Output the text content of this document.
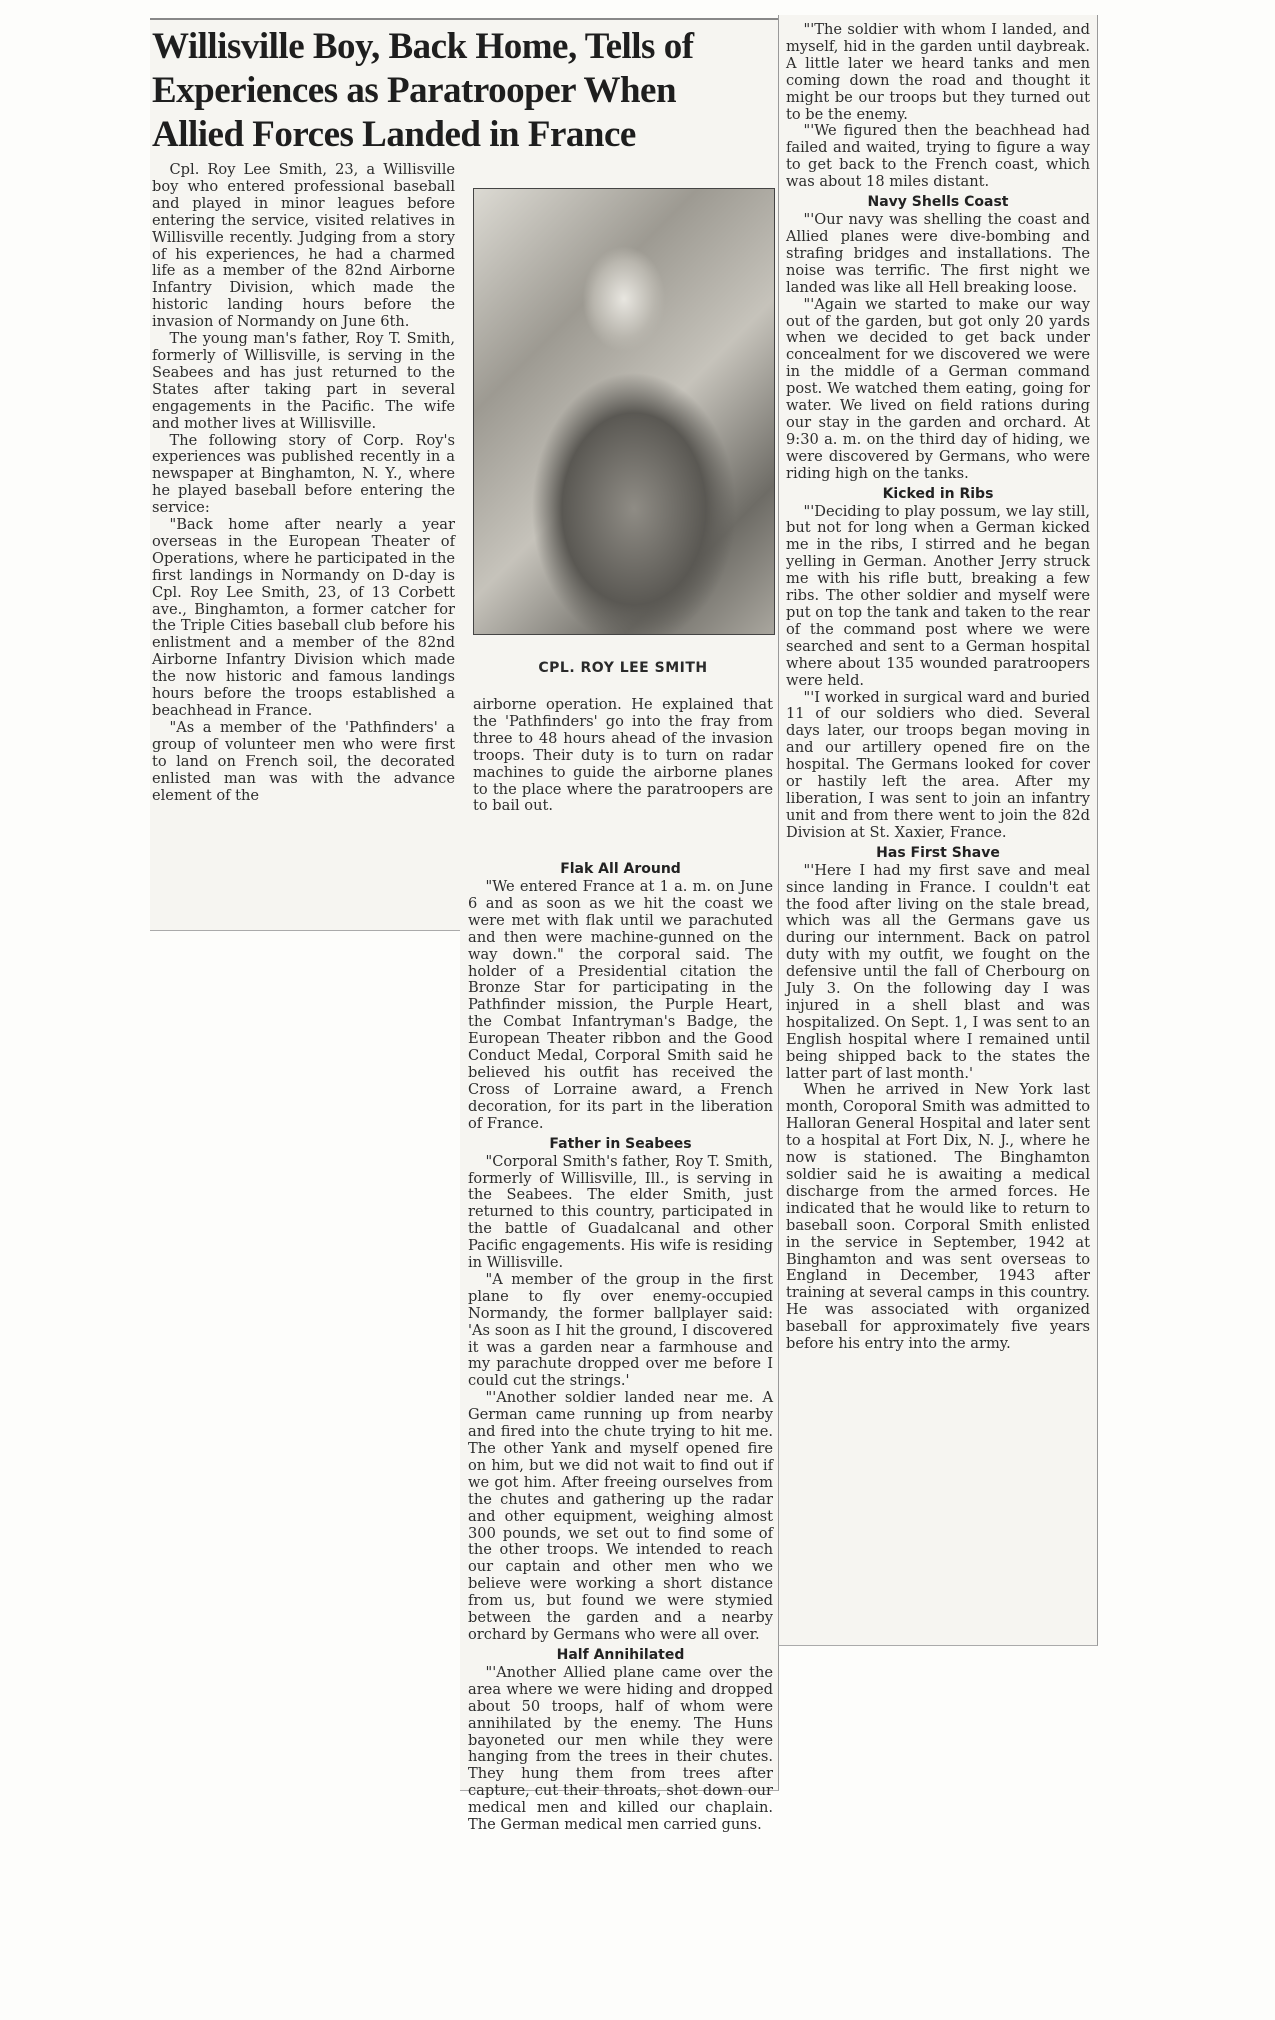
Willisville Boy, Back Home, Tells of Experiences as Paratrooper When Allied Forces Landed in France

Cpl. Roy Lee Smith, 23, a Willisville boy who entered professional baseball and played in minor leagues before entering the service, visited relatives in Willisville recently. Judging from a story of his experiences, he had a charmed life as a member of the 82nd Airborne Infantry Division, which made the historic landing hours before the invasion of Normandy on June 6th.

The young man's father, Roy T. Smith, formerly of Willisville, is serving in the Seabees and has just returned to the States after taking part in several engagements in the Pacific. The wife and mother lives at Willisville.

The following story of Corp. Roy's experiences was published recently in a newspaper at Binghamton, N. Y., where he played baseball before entering the service:

"Back home after nearly a year overseas in the European Theater of Operations, where he participated in the first landings in Normandy on D-day is Cpl. Roy Lee Smith, 23, of 13 Corbett ave., Binghamton, a former catcher for the Triple Cities baseball club before his enlistment and a member of the 82nd Airborne Infantry Division which made the now historic and famous landings hours before the troops established a beachhead in France.

"As a member of the 'Pathfinders' a group of volunteer men who were first to land on French soil, the decorated enlisted man was with the advance element of the

CPL. ROY LEE SMITH

airborne operation. He explained that the 'Pathfinders' go into the fray from three to 48 hours ahead of the invasion troops. Their duty is to turn on radar machines to guide the airborne planes to the place where the paratroopers are to bail out.

Flak All Around

"We entered France at 1 a. m. on June 6 and as soon as we hit the coast we were met with flak until we parachuted and then were machine-gunned on the way down." the corporal said. The holder of a Presidential citation the Bronze Star for participating in the Pathfinder mission, the Purple Heart, the Combat Infantryman's Badge, the European Theater ribbon and the Good Conduct Medal, Corporal Smith said he believed his outfit has received the Cross of Lorraine award, a French decoration, for its part in the liberation of France.

Father in Seabees

"Corporal Smith's father, Roy T. Smith, formerly of Willisville, Ill., is serving in the Seabees. The elder Smith, just returned to this country, participated in the battle of Guadalcanal and other Pacific engagements. His wife is residing in Willisville.

"A member of the group in the first plane to fly over enemy-occupied Normandy, the former ballplayer said: 'As soon as I hit the ground, I discovered it was a garden near a farmhouse and my parachute dropped over me before I could cut the strings.'

"'Another soldier landed near me. A German came running up from nearby and fired into the chute trying to hit me. The other Yank and myself opened fire on him, but we did not wait to find out if we got him. After freeing ourselves from the chutes and gathering up the radar and other equipment, weighing almost 300 pounds, we set out to find some of the other troops. We intended to reach our captain and other men who we believe were working a short distance from us, but found we were stymied between the garden and a nearby orchard by Germans who were all over.

Half Annihilated

"'Another Allied plane came over the area where we were hiding and dropped about 50 troops, half of whom were annihilated by the enemy. The Huns bayoneted our men while they were hanging from the trees in their chutes. They hung them from trees after capture, cut their throats, shot down our medical men and killed our chaplain. The German medical men carried guns.

"'The soldier with whom I landed, and myself, hid in the garden until daybreak. A little later we heard tanks and men coming down the road and thought it might be our troops but they turned out to be the enemy.

"'We figured then the beachhead had failed and waited, trying to figure a way to get back to the French coast, which was about 18 miles distant.

Navy Shells Coast

"'Our navy was shelling the coast and Allied planes were dive-bombing and strafing bridges and installations. The noise was terrific. The first night we landed was like all Hell breaking loose.

"'Again we started to make our way out of the garden, but got only 20 yards when we decided to get back under concealment for we discovered we were in the middle of a German command post. We watched them eating, going for water. We lived on field rations during our stay in the garden and orchard. At 9:30 a. m. on the third day of hiding, we were discovered by Germans, who were riding high on the tanks.

Kicked in Ribs

"'Deciding to play possum, we lay still, but not for long when a German kicked me in the ribs, I stirred and he began yelling in German. Another Jerry struck me with his rifle butt, breaking a few ribs. The other soldier and myself were put on top the tank and taken to the rear of the command post where we were searched and sent to a German hospital where about 135 wounded paratroopers were held.

"'I worked in surgical ward and buried 11 of our soldiers who died. Several days later, our troops began moving in and our artillery opened fire on the hospital. The Germans looked for cover or hastily left the area. After my liberation, I was sent to join an infantry unit and from there went to join the 82d Division at St. Xaxier, France.

Has First Shave

"'Here I had my first save and meal since landing in France. I couldn't eat the food after living on the stale bread, which was all the Germans gave us during our internment. Back on patrol duty with my outfit, we fought on the defensive until the fall of Cherbourg on July 3. On the following day I was injured in a shell blast and was hospitalized. On Sept. 1, I was sent to an English hospital where I remained until being shipped back to the states the latter part of last month.'

When he arrived in New York last month, Coroporal Smith was admitted to Halloran General Hospital and later sent to a hospital at Fort Dix, N. J., where he now is stationed. The Binghamton soldier said he is awaiting a medical discharge from the armed forces. He indicated that he would like to return to baseball soon. Corporal Smith enlisted in the service in September, 1942 at Binghamton and was sent overseas to England in December, 1943 after training at several camps in this country. He was associated with organized baseball for approximately five years before his entry into the army.
